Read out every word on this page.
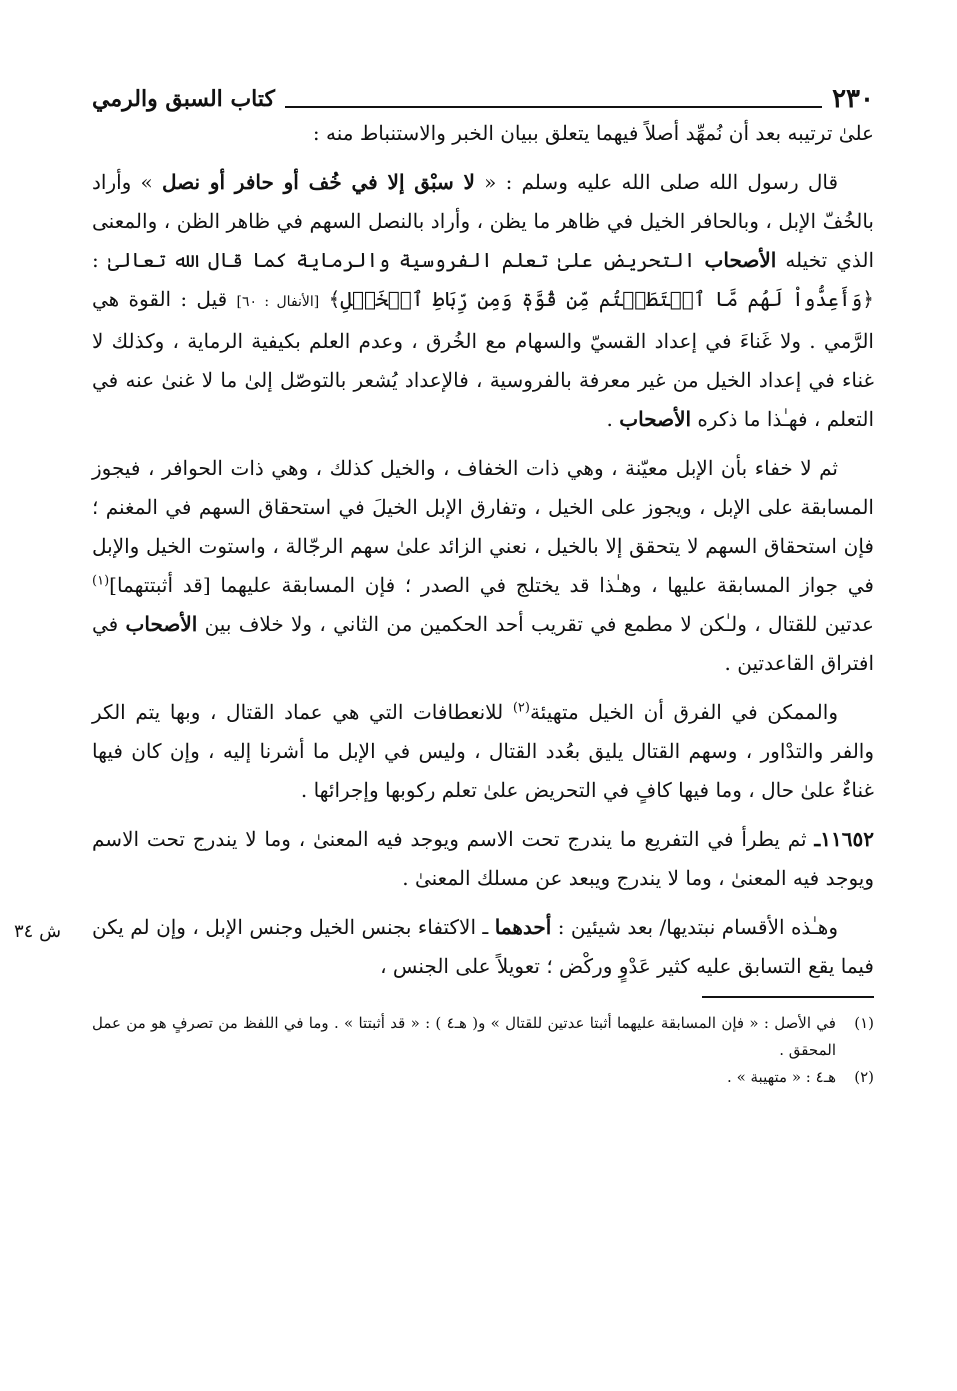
٢٣٠
كتاب السبق والرمي

علىٰ ترتيبه بعد أن نُمهِّد أصلاً فيهما يتعلق ببيان الخبر والاستنباط منه :

قال رسول الله صلى الله عليه وسلم : « لا سبْق إلا في خُف أو حافر أو نصل » وأراد بالخُفّ الإبل ، وبالحافر الخيل في ظاهر ما يظن ، وأراد بالنصل السهم في ظاهر الظن ، والمعنى الذي تخيله الأصحاب التحريض علىٰ تعلم الفروسية والرماية كما قال الله تعالىٰ : ﴿وَأَعِدُّواْ لَهُم مَّا ٱسۡتَطَعۡتُم مِّن قُوَّةٖ وَمِن رِّبَاطِ ٱلۡخَيۡلِ﴾ [الأنفال : ٦٠] قيل : القوة هي الرَّمي . ولا غَناءَ في إعداد القسيّ والسهام مع الخُرق ، وعدم العلم بكيفية الرماية ، وكذلك لا غناء في إعداد الخيل من غير معرفة بالفروسية ، فالإعداد يُشعر بالتوصّل إلىٰ ما لا غنىٰ عنه في التعلم ، فهـٰذا ما ذكره الأصحاب .

ثم لا خفاء بأن الإبل معيّنة ، وهي ذات الخفاف ، والخيل كذلك ، وهي ذات الحوافر ، فيجوز المسابقة على الإبل ، ويجوز على الخيل ، وتفارق الإبل الخيلَ في استحقاق السهم في المغنم ؛ فإن استحقاق السهم لا يتحقق إلا بالخيل ، نعني الزائد علىٰ سهم الرجّالة ، واستوت الخيل والإبل في جواز المسابقة عليها ، وهـٰذا قد يختلج في الصدر ؛ فإن المسابقة عليهما [قد أثبتتهما]$^{(١)}$ عدتين للقتال ، ولـٰكن لا مطمع في تقريب أحد الحكمين من الثاني ، ولا خلاف بين الأصحاب في افتراق القاعدتين .

والممكن في الفرق أن الخيل متهيئة$^{(٢)}$ للانعطافات التي هي عماد القتال ، وبها يتم الكر والفر والتدْاور ، وسهم القتال يليق بعُدد القتال ، وليس في الإبل ما أشرنا إليه ، وإن كان فيها غناءٌ علىٰ حال ، وما فيها كافٍ في التحريض علىٰ تعلم ركوبها وإجرائها .

١١٦٥٢ـ ثم يطرأ في التفريع ما يندرج تحت الاسم ويوجد فيه المعنىٰ ، وما لا يندرج تحت الاسم ويوجد فيه المعنىٰ ، وما لا يندرج ويبعد عن مسلك المعنىٰ .

ش ٣٤	وهـٰذه الأقسام نبتديها/ بعد شيئين : أحدهما ـ الاكتفاء بجنس الخيل وجنس الإبل ، وإن لم يكن فيما يقع التسابق عليه كثير عَدْوٍ وركْض ؛ تعويلاً على الجنس ،

(١)
في الأصل : « فإن المسابقة عليهما أثبتا عدتين للقتال » و( هـ٤ ) : « قد أثبتتا » . وما في اللفظ من تصرفٍ هو من عمل المحقق .
(٢)
هـ٤ : « متهيبة » .
